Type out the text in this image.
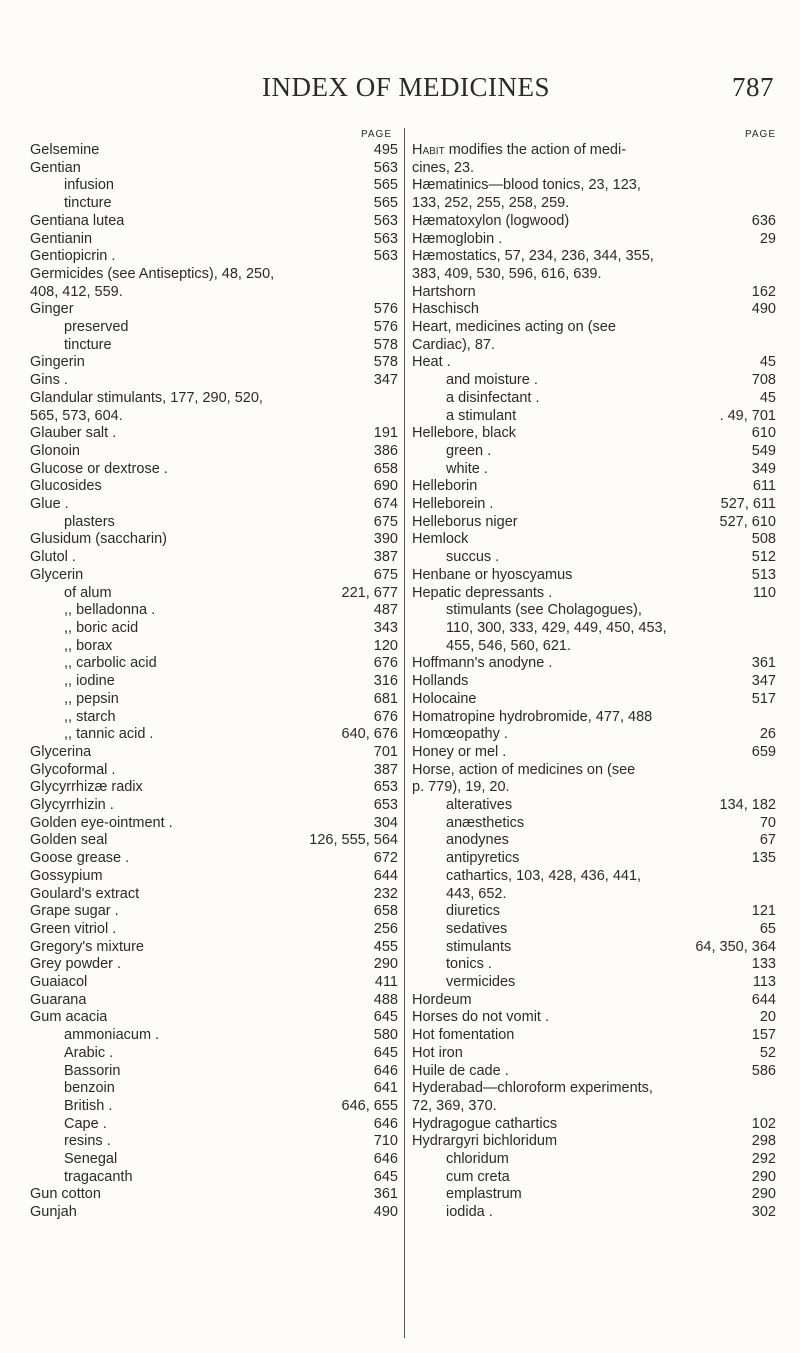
INDEX OF MEDICINES	787
PAGE
Gelsemine	495
Gentian	563
infusion	565
tincture	565
Gentiana lutea	563
Gentianin	563
Gentiopicrin .	563
Germicides (see Antiseptics), 48, 250,
408, 412, 559.
Ginger	576
preserved	576
tincture	578
Gingerin	578
Gins .	347
Glandular stimulants, 177, 290, 520,
565, 573, 604.
Glauber salt .	191
Glonoin	386
Glucose or dextrose .	658
Glucosides	690
Glue .	674
plasters	675
Glusidum (saccharin)	390
Glutol .	387
Glycerin	675
of alum	221, 677
,, belladonna .	487
,, boric acid	343
,, borax	120
,, carbolic acid	676
,, iodine	316
,, pepsin	681
,, starch	676
,, tannic acid .	640, 676
Glycerina	701
Glycoformal .	387
Glycyrrhizæ radix	653
Glycyrrhizin .	653
Golden eye-ointment .	304
Golden seal	126, 555, 564
Goose grease .	672
Gossypium	644
Goulard's extract	232
Grape sugar .	658
Green vitriol .	256
Gregory's mixture	455
Grey powder .	290
Guaiacol	411
Guarana	488
Gum acacia	645
ammoniacum .	580
Arabic .	645
Bassorin	646
benzoin	641
British .	646, 655
Cape .	646
resins .	710
Senegal	646
tragacanth	645
Gun cotton	361
Gunjah	490
PAGE
Habit modifies the action of medi-
cines, 23.
Hæmatinics—blood tonics, 23, 123,
133, 252, 255, 258, 259.
Hæmatoxylon (logwood)	636
Hæmoglobin .	29
Hæmostatics, 57, 234, 236, 344, 355,
383, 409, 530, 596, 616, 639.
Hartshorn	162
Haschisch	490
Heart, medicines acting on (see
Cardiac), 87.
Heat .	45
and moisture .	708
a disinfectant .	45
a stimulant	. 49, 701
Hellebore, black	610
green .	549
white .	349
Helleborin	611
Helleborein .	527, 611
Helleborus niger	527, 610
Hemlock	508
succus .	512
Henbane or hyoscyamus	513
Hepatic depressants .	110
stimulants (see Cholagogues),
110, 300, 333, 429, 449, 450, 453,
455, 546, 560, 621.
Hoffmann's anodyne .	361
Hollands	347
Holocaine	517
Homatropine hydrobromide, 477, 488
Homœopathy .	26
Honey or mel .	659
Horse, action of medicines on (see
p. 779), 19, 20.
alteratives	134, 182
anæsthetics	70
anodynes	67
antipyretics	135
cathartics, 103, 428, 436, 441,
443, 652.
diuretics	121
sedatives	65
stimulants	64, 350, 364
tonics .	133
vermicides	113
Hordeum	644
Horses do not vomit .	20
Hot fomentation	157
Hot iron	52
Huile de cade .	586
Hyderabad—chloroform experiments,
72, 369, 370.
Hydragogue cathartics	102
Hydrargyri bichloridum	298
chloridum	292
cum creta	290
emplastrum	290
iodida .	302
